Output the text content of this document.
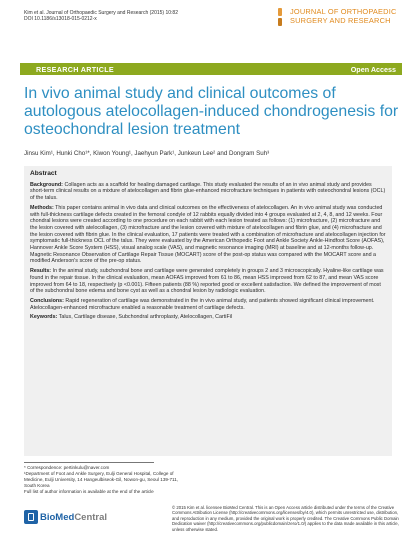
Kim et al. Journal of Orthopaedic Surgery and Research (2015) 10:82
DOI 10.1186/s13018-015-0212-x
JOURNAL OF ORTHOPAEDIC
SURGERY AND RESEARCH
RESEARCH ARTICLE	Open Access
In vivo animal study and clinical outcomes of autologous atelocollagen-induced chondrogenesis for osteochondral lesion treatment
Jinsu Kim¹, Hunki Cho¹*, Kiwon Young¹, Jaehyun Park¹, Junkeun Lee² and Dongram Suh³
Abstract

Background: Collagen acts as a scaffold for healing damaged cartilage. This study evaluated the results of an in vivo animal study and provides short-term clinical results on a mixture of atelocollagen and fibrin glue-enhanced microfracture techniques in patients with osteochondral lesions (OCL) of the talus.

Methods: This paper contains animal in vivo data and clinical outcomes on the effectiveness of atelocollagen. An in vivo animal study was conducted with full-thickness cartilage defects created in the femoral condyle of 12 rabbits equally divided into 4 groups evaluated at 2, 4, 8, and 12 weeks. Four chondral lesions were created according to one procedure on each rabbit with each lesion treated as follows: (1) microfracture, (2) microfracture and the lesion covered with atelocollagen, (3) microfracture and the lesion covered with mixture of atelocollagen and fibrin glue, and (4) microfracture and the lesion covered with fibrin glue. In the clinical evaluation, 17 patients were treated with a combination of microfracture and atelocollagen injection for symptomatic full-thickness OCL of the talus. They were evaluated by the American Orthopedic Foot and Ankle Society Ankle-Hindfoot Score (AOFAS), Hannover Ankle Score System (HSS), visual analog scale (VAS), and magnetic resonance imaging (MRI) at baseline and at 12-months follow-up. Magnetic Resonance Observation of Cartilage Repair Tissue (MOCART) score of the post-op status was compared with the MOCART score and a modified Anderson's score of the pre-op status.

Results: In the animal study, subchondral bone and cartilage were generated completely in groups 2 and 3 microscopically. Hyaline-like cartilage was found in the repair tissue. In the clinical evaluation, mean AOFAS improved from 61 to 86, mean HSS improved from 62 to 87, and mean VAS score improved from 64 to 18, respectively (p <0.001). Fifteen patients (88 %) reported good or excellent satisfaction. We defined the improvement of most of the subchondral bone edema and bone cyst as well as a chondral lesion by radiologic evaluation.

Conclusions: Rapid regeneration of cartilage was demonstrated in the in vivo animal study, and patients showed significant clinical improvement. Atelocollagen-enhanced microfracture enabled a reasonable treatment of cartilage defects.

Keywords: Talus, Cartilage disease, Subchondral arthroplasty, Atelocollagen, CartiFil

* Correspondence: pertinkulu@naver.com
¹Department of Foot and Ankle Surgery, Eulji General Hospital, College of
Medicine, Eulji University, 14 Hangeulbiseok-Gil, Nowon-gu, Seoul 139-711,
South Korea
Full list of author information is available at the end of the article
BioMedCentral
© 2015 Kim et al. licensee BioMed Central. This is an Open Access article distributed under the terms of the Creative Commons Attribution License (http://creativecommons.org/licenses/by/4.0), which permits unrestricted use, distribution, and reproduction in any medium, provided the original work is properly credited. The Creative Commons Public Domain Dedication waiver (http://creativecommons.org/publicdomain/zero/1.0/) applies to the data made available in this article, unless otherwise stated.
